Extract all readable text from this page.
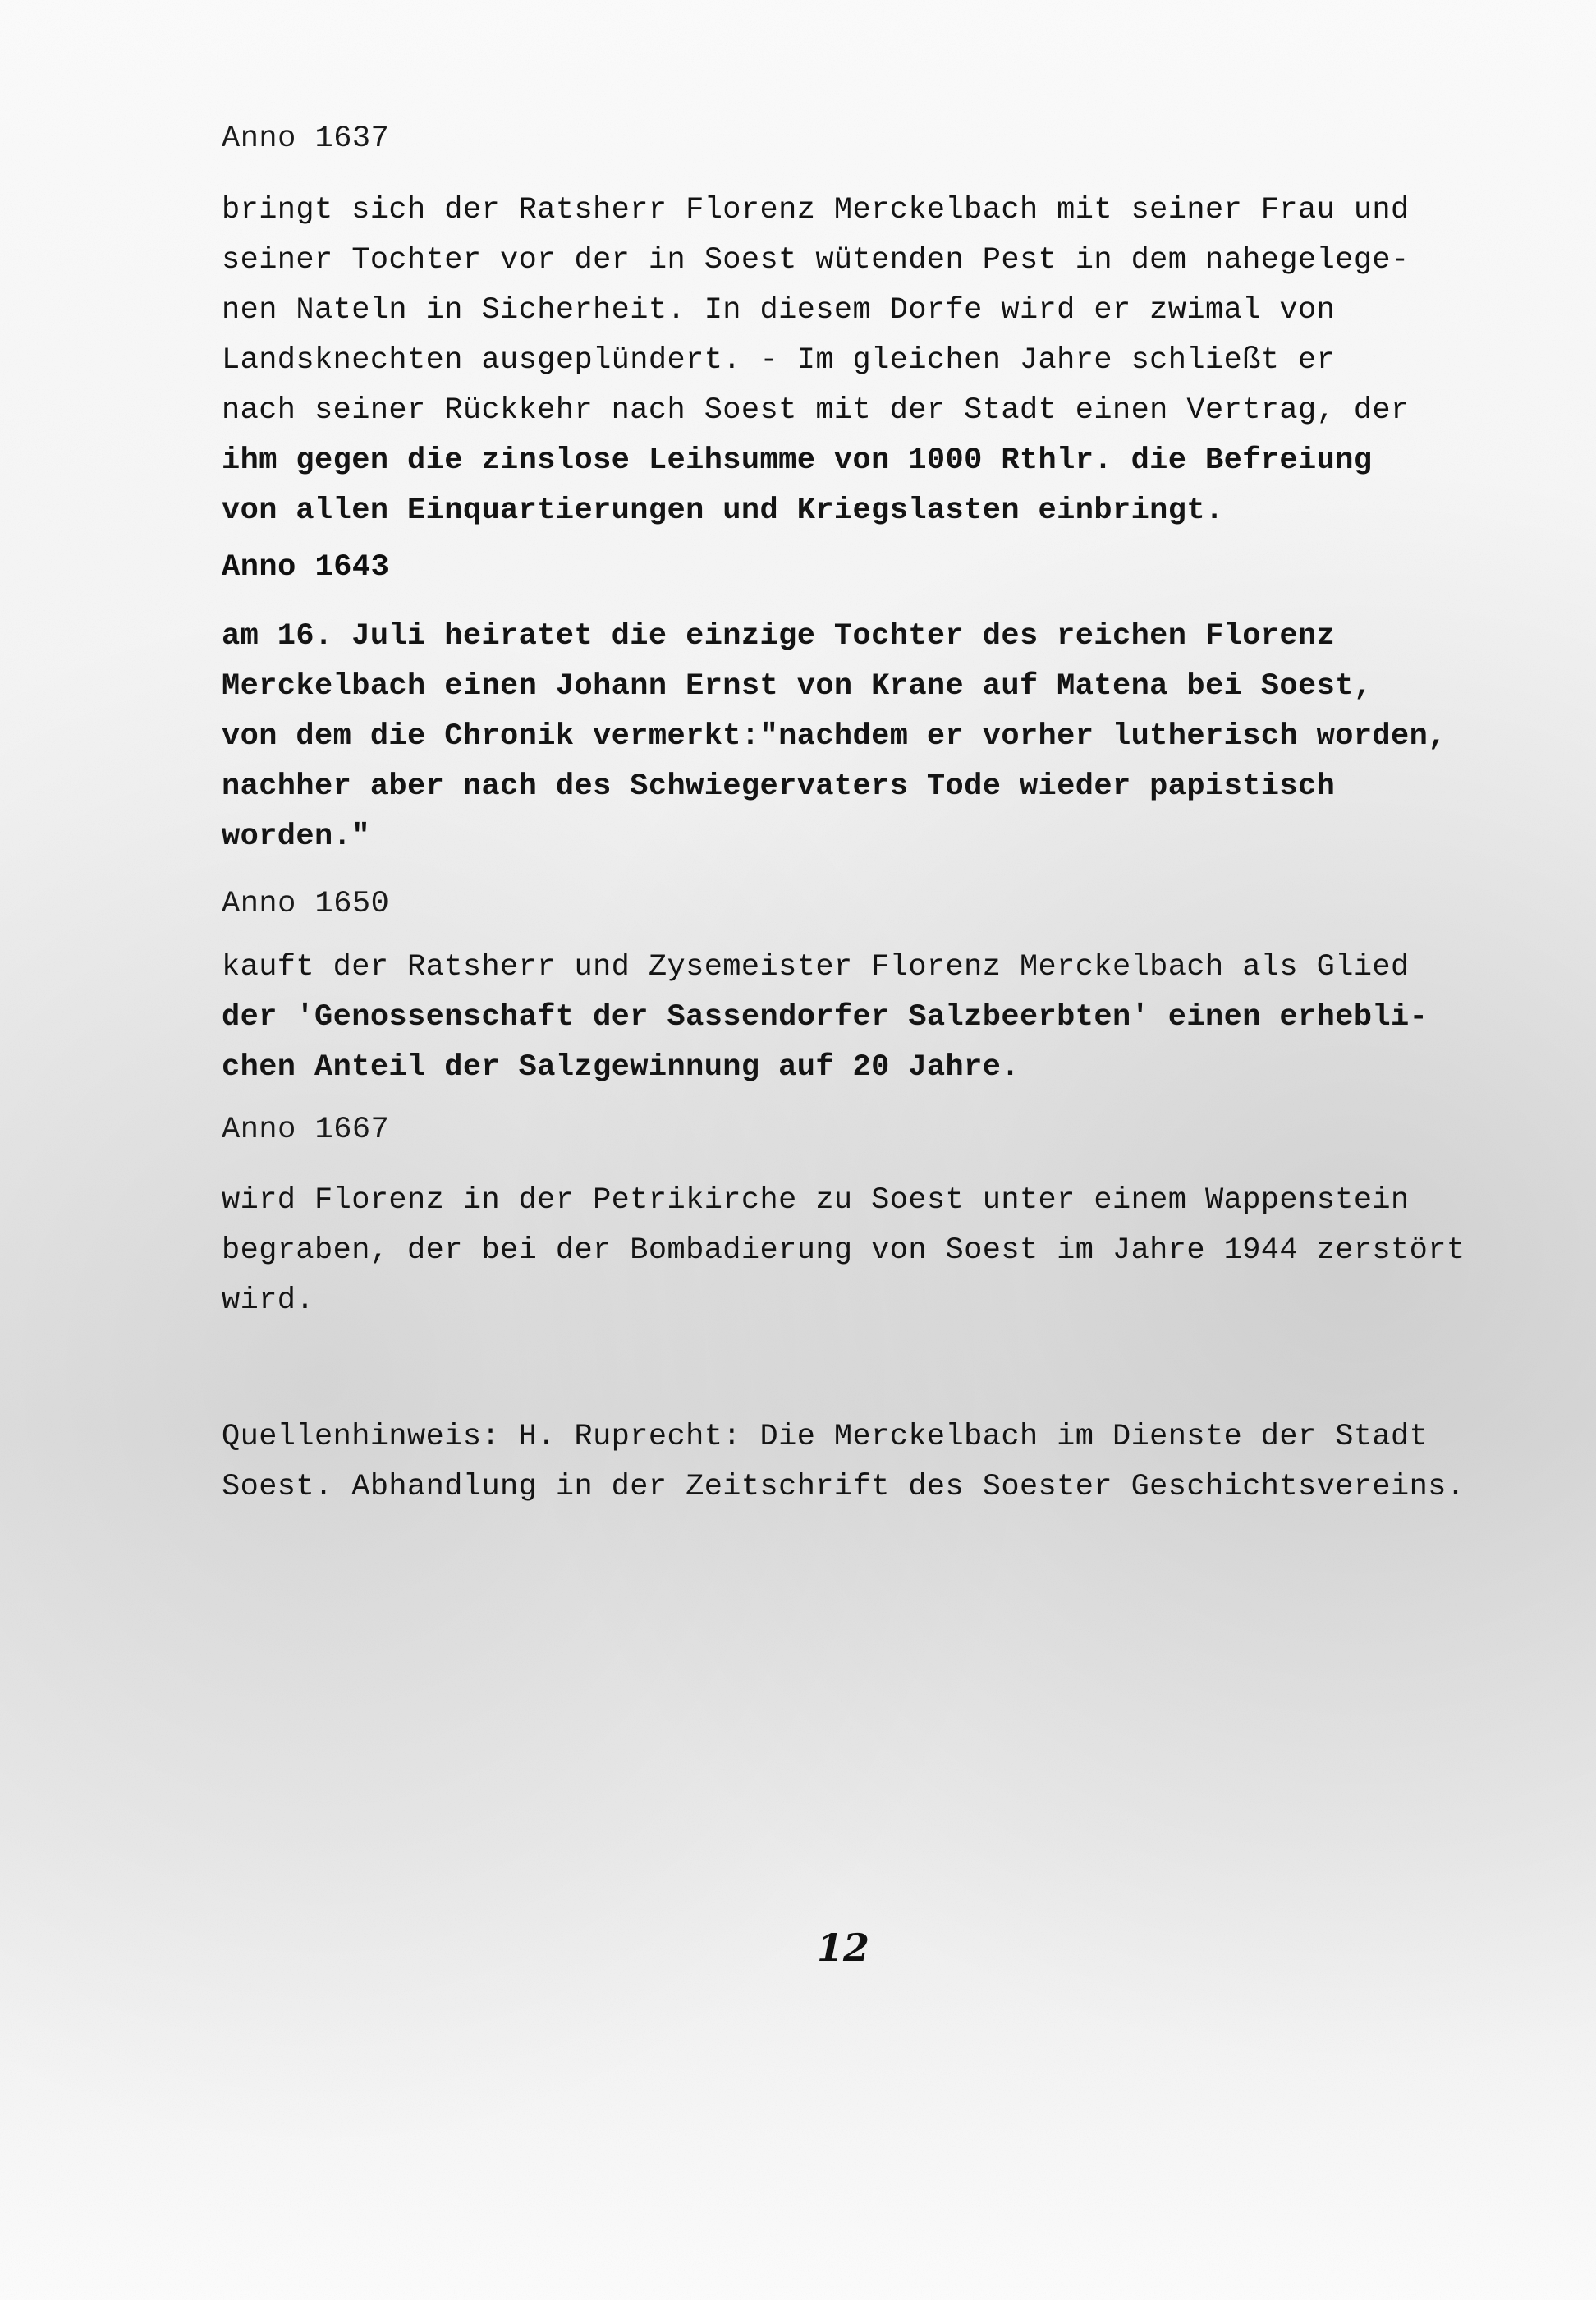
Anno 1637
bringt sich der Ratsherr Florenz Merckelbach mit seiner Frau und
seiner Tochter vor der in Soest wütenden Pest in dem nahegelege-
nen Nateln in Sicherheit. In diesem Dorfe wird er zwimal von
Landsknechten ausgeplündert. - Im gleichen Jahre schließt er
nach seiner Rückkehr nach Soest mit der Stadt einen Vertrag, der
ihm gegen die zinslose Leihsumme von 1000 Rthlr. die Befreiung
von allen Einquartierungen und Kriegslasten einbringt.
Anno 1643
am 16. Juli heiratet die einzige Tochter des reichen Florenz
Merckelbach einen Johann Ernst von Krane auf Matena bei Soest,
von dem die Chronik vermerkt:"nachdem er vorher lutherisch worden,
nachher aber nach des Schwiegervaters Tode wieder papistisch
worden."
Anno 1650
kauft der Ratsherr und Zysemeister Florenz Merckelbach als Glied
der 'Genossenschaft der Sassendorfer Salzbeerbten' einen erhebli-
chen Anteil der Salzgewinnung auf 20 Jahre.
Anno 1667
wird Florenz in der Petrikirche zu Soest unter einem Wappenstein
begraben, der bei der Bombadierung von Soest im Jahre 1944 zerstört
wird.
Quellenhinweis: H. Ruprecht: Die Merckelbach im Dienste der Stadt
Soest. Abhandlung in der Zeitschrift des Soester Geschichtsvereins.
12
